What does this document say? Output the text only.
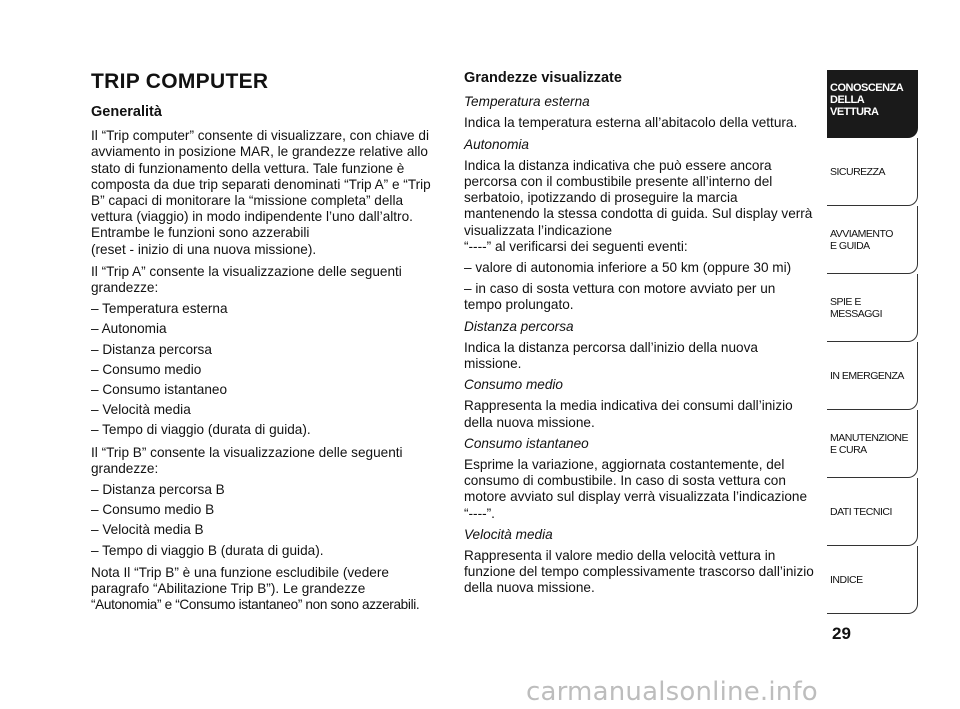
TRIP COMPUTER

Generalità

Il “Trip computer” consente di visualizzare, con chiave di avviamento in posizione MAR, le grandezze relative allo stato di funzionamento della vettura. Tale funzione è composta da due trip separati denominati “Trip A” e “Trip B” capaci di monitorare la “missione completa” della vettura (viaggio) in modo indipendente l’uno dall’altro. Entrambe le funzioni sono azzerabili
(reset - inizio di una nuova missione).

Il “Trip A” consente la visualizzazione delle seguenti grandezze:

– Temperatura esterna

– Autonomia

– Distanza percorsa

– Consumo medio

– Consumo istantaneo

– Velocità media

– Tempo di viaggio (durata di guida).

Il “Trip B” consente la visualizzazione delle seguenti grandezze:

– Distanza percorsa B

– Consumo medio B

– Velocità media B

– Tempo di viaggio B (durata di guida).

Nota Il “Trip B” è una funzione escludibile (vedere paragrafo “Abilitazione Trip B”). Le grandezze
“Autonomia” e “Consumo istantaneo” non sono azzerabili.

Grandezze visualizzate

Temperatura esterna

Indica la temperatura esterna all’abitacolo della vettura.

Autonomia

Indica la distanza indicativa che può essere ancora percorsa con il combustibile presente all’interno del serbatoio, ipotizzando di proseguire la marcia mantenendo la stessa condotta di guida. Sul display verrà visualizzata l’indicazione
“----” al verificarsi dei seguenti eventi:

– valore di autonomia inferiore a 50 km (oppure 30 mi)

– in caso di sosta vettura con motore avviato per un tempo prolungato.

Distanza percorsa

Indica la distanza percorsa dall’inizio della nuova missione.

Consumo medio

Rappresenta la media indicativa dei consumi dall’inizio della nuova missione.

Consumo istantaneo

Esprime la variazione, aggiornata costantemente, del consumo di combustibile. In caso di sosta vettura con motore avviato sul display verrà visualizzata l’indicazione “----”.

Velocità media

Rappresenta il valore medio della velocità vettura in funzione del tempo complessivamente trascorso dall’inizio della nuova missione.

CONOSCENZA
DELLA
VETTURA
SICUREZZA
AVVIAMENTO
E GUIDA
SPIE E
MESSAGGI
IN EMERGENZA
MANUTENZIONE
E CURA
DATI TECNICI
INDICE
29
carmanualsonline.info
